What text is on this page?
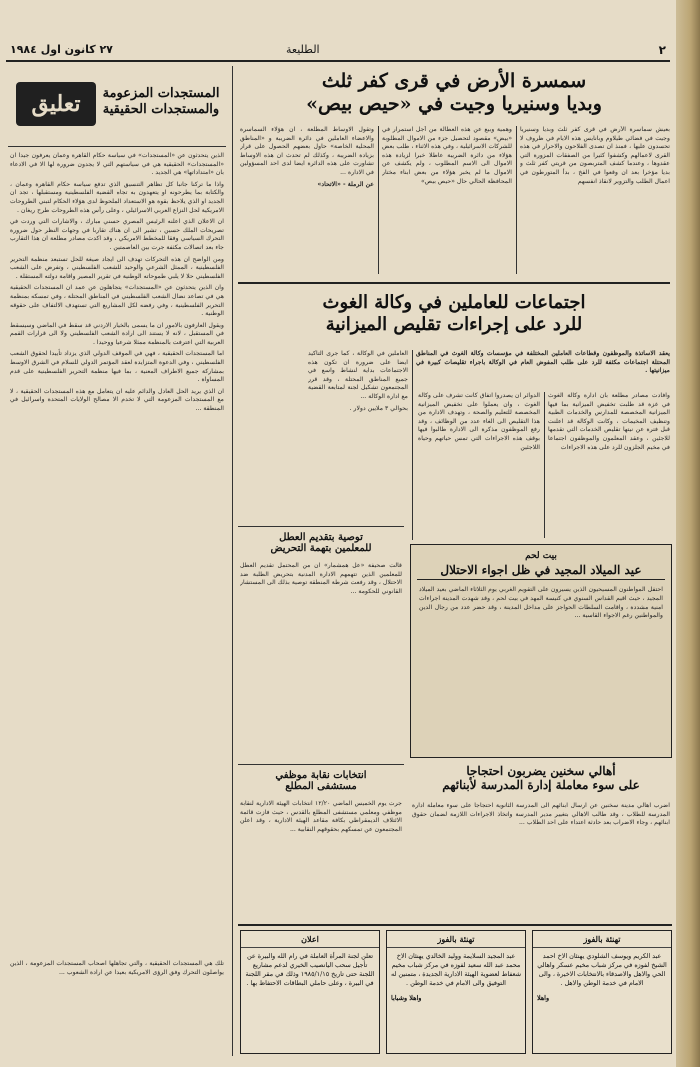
٢
الطليعة
٢٧ كانون اول ١٩٨٤
تعليق	المستجدات المزعومة
والمستجدات الحقيقية

الذين يتحدثون عن «المستجدات» في سياسة حكام القاهرة وعمان يعرفون جيدا ان «المستجدات» الحقيقية هي في سياستهم التي لا يجدون ضرورة لها الا في الادعاء بان «امتداداتها» هي الجديد .

واذا ما تركنا جانبا كل تظاهر التنسيق الذي تدفع سياسة حكام القاهرة وعمان ، والكتابة بما يطرحونه او يتعهدون به تجاه القضية الفلسطينية ومستقبلها ، تجد ان الجديد او الذي يلاحظ بقوة هو الاستعداد الملحوظ لدى هؤلاء الحكام لتبني الطروحات الامريكية لحل النزاع العربي الاسرائيلي ، وعلى رأس هذه الطروحات طرح ريغان .

ان الاعلان الذي اعلنه الرئيس المصري حسني مبارك ، والاشارات التي وردت في تصريحات الملك حسين ، تشير الى ان هناك تقاربا في وجهات النظر حول ضرورة التحرك السياسي وفقا للمخطط الامريكي ، وقد اكدت مصادر مطلعة ان هذا التقارب جاء بعد اتصالات مكثفة جرت بين العاصمتين .

ومن الواضح ان هذه التحركات تهدف الى ايجاد صيغة للحل تستبعد منظمة التحرير الفلسطينية ، الممثل الشرعي والوحيد للشعب الفلسطيني ، وتفرض على الشعب الفلسطيني حلا لا يلبي طموحاته الوطنية في تقرير المصير واقامة دولته المستقلة .

وان الذين يتحدثون عن «المستجدات» يتجاهلون عن عمد ان المستجدات الحقيقية هي في تصاعد نضال الشعب الفلسطيني في المناطق المحتلة ، وفي تمسكه بمنظمة التحرير الفلسطينية ، وفي رفضه لكل المشاريع التي تستهدف الالتفاف على حقوقه الوطنية .

ويقول العارفون بالامور ان ما يسمى بالخيار الاردني قد سقط في الماضي وسيسقط في المستقبل ، لانه لا يستند الى ارادة الشعب الفلسطيني ولا الى قرارات القمم العربية التي اعترفت بالمنظمة ممثلا شرعيا ووحيدا .

اما المستجدات الحقيقية ، فهي في الموقف الدولي الذي يزداد تأييدا لحقوق الشعب الفلسطيني ، وفي الدعوة المتزايدة لعقد المؤتمر الدولي للسلام في الشرق الاوسط بمشاركة جميع الاطراف المعنية ، بما فيها منظمة التحرير الفلسطينية على قدم المساواة .

ان الذي يريد الحل العادل والدائم عليه ان يتعامل مع هذه المستجدات الحقيقية ، لا مع المستجدات المزعومة التي لا تخدم الا مصالح الولايات المتحدة واسرائيل في المنطقة ...

تلك هي المستجدات الحقيقية ، والتي تجاهلها اصحاب المستجدات المزعومة ، الذين يواصلون التحرك وفق الرؤى الامريكية بعيدا عن ارادة الشعوب ...

سمسرة الأرض في قرى كفر ثلث
وبديا وسنيريا وجيت في «حيص بيص»

بعيش سماسرة الأرض في قرى كفر ثلث وبديا وسنيريا وجيت في فضائي طيلاوم وبانايس هذه الايام في ظروف لا تحسدون عليها ، فمنذ ان تصدى الفلاحون والاحرار في هذه القرى لاعمالهم وكشفوا كثيرا من الصفقات المزورة التي عقدوها ، وعندما كشف المتربصون من قريتي كفر ثلث و بديا مؤخرا بعد ان وقعوا في الفخ ، بدأ المتورطون في اعمال الطلب والتزوير لانقاذ انفسهم

وهمية وبيع عن هذه العطالة من أجل استمرار في «بيض» مقصود لتحصيل جزء من الاموال المطلوبة للشركات الاسرائيلية ، وفي هذه الاثناء ، طلب بعض هؤلاء من دائرة الضريبة عاطلا خبرا لزيادة هذه الاموال الى الاسم المطلوب ، ولم يكشف عن الاموال ما لم يخبر هؤلاء من بعض ابناء مختار المحافظة الحالي حال «حيص بيص»

وتقول الاوساط المطلعة ، ان هؤلاء السماسرة والاعضاء العاملين في دائرة الضريبة و «المناطق المحلية الخاصة» حاول بعضهم الحصول على قرار بزيادة الضريبة ، وكذلك لم تحدث ان هذه الاوساط تشاورت على هذه الدائرة ايضا لدى احد المسؤولين في الادارة ...

عن الرملة - «الاتحاد»

اجتماعات للعاملين في وكالة الغوث
للرد على إجراءات تقليص الميزانية

يعقد الاساتذة والموظفون وقطاعات العاملين المختلفة في مؤسسات وكالة الغوث في المناطق المحتلة اجتماعات مكثفة للرد على طلب المفوض العام في الوكالة باجراء تقليصات كبيرة في ميزانيتها .

وافادت مصادر مطلعة بان ادارة وكالة الغوث في غزة قد طلبت تخفيض الميزانية بما فيها الميزانية المخصصة للمدارس والخدمات الطبية وتنظيف المخيمات ، وكانت الوكالة قد اعلنت قبل فترة عن نيتها تقليص الخدمات التي تقدمها للاجئين ، وعقد المعلمون والموظفون اجتماعا في مخيم الجلزون للرد على هذه الاجراءات

الدوائر ان يصدروا اتفاق كانت تشرف على وكالة الغوث ، وان يعملوا على تخفيض الميزانية المخصصة للتعليم والصحة ، وتهدف الادارة من هذا التقليص الى الغاء عدد من الوظائف ، وقد رفع الموظفون مذكرة الى الادارة طالبوا فيها بوقف هذه الاجراءات التي تمس حياتهم وحياة اللاجئين

العاملين في الوكالة ، كما جرى التأكيد ايضا على ضرورة ان تكون هذه الاجتماعات بداية لنشاط واسع في جميع المناطق المحتلة ، وقد قرر المجتمعون تشكيل لجنة لمتابعة القضية مع ادارة الوكالة ...

بحوالي ٣ ملايين دولار .

توصية بتقديم العطل
للمعلمين بتهمة التحريض

قالت صحيفة «عل همشمار» ان من المحتمل تقديم العطل للمعلمين الذين تتهمهم الادارة المدنية بتحريض الطلبة ضد الاحتلال ، وقد رفعت شرطة المنطقة توصية بذلك الى المستشار القانوني للحكومة ...

انتخابات نقابة موظفي
مستشفى المطلع

جرت يوم الخميس الماضي ١٢/٢٠ انتخابات الهيئة الادارية لنقابة موظفي ومعلمي مستشفى المطلع بالقدس ، حيث فازت قائمة الائتلاف الديمقراطي بكافة مقاعد الهيئة الادارية ، وقد اعلن المجتمعون عن تمسكهم بحقوقهم النقابية ...

بيت لحم
عيد الميلاد المجيد في ظل اجواء الاحتلال

احتفل المواطنون المسيحيون الذين يسيرون على التقويم الغربي يوم الثلاثاء الماضي بعيد الميلاد المجيد ، حيث اقيم القداس السنوي في كنيسة المهد في بيت لحم ، وقد شهدت المدينة اجراءات امنية مشددة ، واقامت السلطات الحواجز على مداخل المدينة ، وقد حضر عدد من رجال الدين والمواطنين رغم الاجواء القاسية ...

أهالي سخنين يضربون احتجاجا
على سوء معاملة إدارة المدرسة لأبنائهم

اضرب اهالي مدينة سخنين عن ارسال ابنائهم الى المدرسة الثانوية احتجاجا على سوء معاملة ادارة المدرسة للطلاب ، وقد طالب الاهالي بتغيير مدير المدرسة واتخاذ الاجراءات اللازمة لضمان حقوق ابنائهم ، وجاء الاضراب بعد حادثة اعتداء على احد الطلاب ...

تهنئة بالفوز
عبد الكريم ويوسف الشلودي يهنئان الاخ احمد الشيخ لفوزه في مركز شباب مخيم عسكر واهالي الحي والاهل والاصدقاء بالانتخابات الاخيرة ، والى الامام في خدمة الوطن والاهل .
واهلا
تهنئة بالفوز
عبد المجيد السلايمة ووليد الخالدي يهنئان الاخ محمد عبد الله سعيد لفوزه في مركز شباب مخيم شعفاط لعضوية الهيئة الادارية الجديدة ، متمنين له التوفيق والى الامام في خدمة الوطن .
واهلا وشبابا
اعلان
تعلن لجنة المرأة العاملة في رام الله والبيرة عن تأجيل سحب اليانصيب الخيري لدعم مشاريع اللجنة حتى تاريخ ١٩٨٥/١/١٥ وذلك في مقر اللجنة في البيرة ، وعلى حاملي البطاقات الاحتفاظ بها .
